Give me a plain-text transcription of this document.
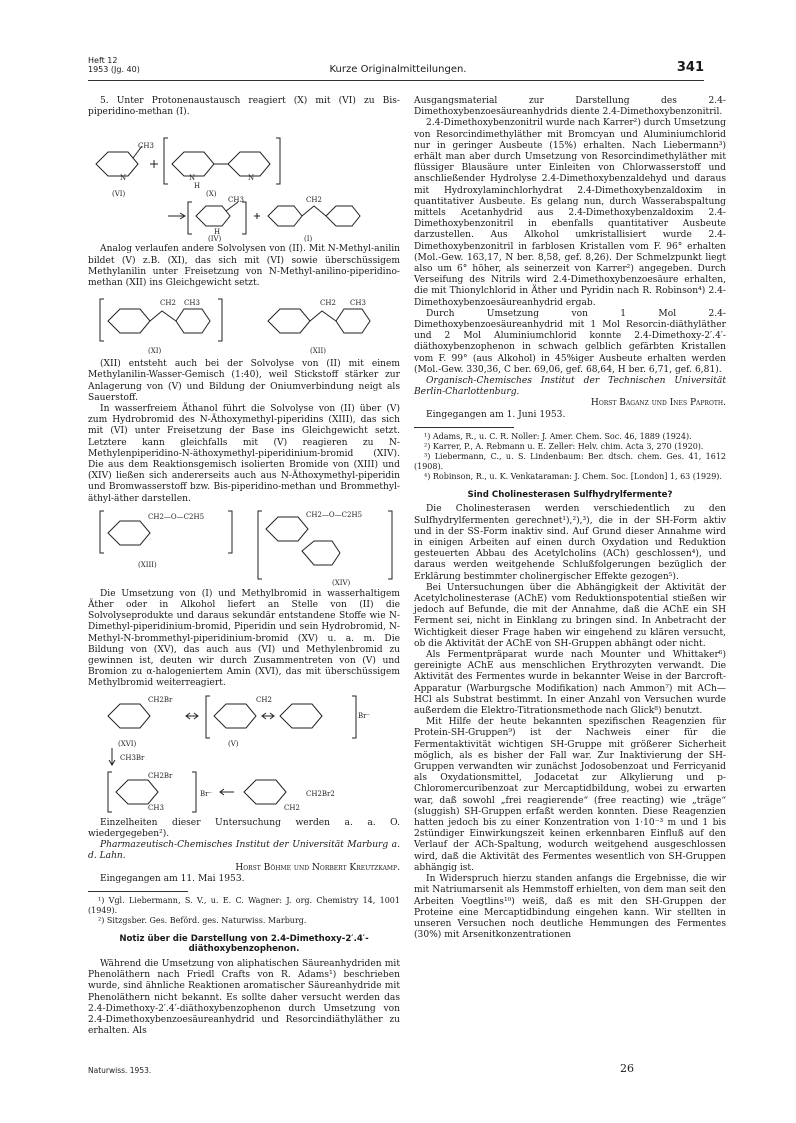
Heft 12
1953 (Jg. 40)	Kurze Originalmitteilungen.	341

5. Unter Protonenaustausch reagiert (X) mit (VI) zu Bis-piperidino-methan (I).

CH3
N	N
H
N
CH3
H
CH2
(VI)	(X)
(IV)	(I)

Analog verlaufen andere Solvolysen von (II). Mit N-Methyl-anilin bildet (V) z.B. (XI), das sich mit (VI) sowie überschüssigem Methylanilin unter Freisetzung von N-Methyl-anilino-piperidino-methan (XII) ins Gleichgewicht setzt.

CH2 CH3	CH2 CH3
(XI)	(XII)

(XII) entsteht auch bei der Solvolyse von (II) mit einem Methylanilin-Wasser-Gemisch (1:40), weil Stickstoff stärker zur Anlagerung von (V) und Bildung der Oniumverbindung neigt als Sauerstoff.

In wasserfreiem Äthanol führt die Solvolyse von (II) über (V) zum Hydrobromid des N-Äthoxymethyl-piperidins (XIII), das sich mit (VI) unter Freisetzung der Base ins Gleichgewicht setzt. Letztere kann gleichfalls mit (V) reagieren zu N-Methylenpiperidino-N-äthoxymethyl-piperidinium-bromid (XIV). Die aus dem Reaktionsgemisch isolierten Bromide von (XIII) und (XIV) ließen sich andererseits auch aus N-Äthoxymethyl-piperidin und Bromwasserstoff bzw. Bis-piperidino-methan und Brommethyl-äthyl-äther darstellen.

CH2—O—C2H5	CH2—O—C2H5
(XIII)
(XIV)

Die Umsetzung von (I) und Methylbromid in wasserhaltigem Äther oder in Alkohol liefert an Stelle von (II) die Solvolyseprodukte und daraus sekundär entstandene Stoffe wie N-Dimethyl-piperidinium-bromid, Piperidin und sein Hydrobromid, N-Methyl-N-brommethyl-piperidinium-bromid (XV) u. a. m. Die Bildung von (XV), das auch aus (VI) und Methylenbromid zu gewinnen ist, deuten wir durch Zusammentreten von (V) und Bromion zu α-halogeniertem Amin (XVI), das mit überschüssigem Methylbromid weiterreagiert.

CH2Br	CH2
Br⁻
(XVI)	(V)
CH3Br
CH2Br
CH3
Br⁻
CH2
CH2Br2

Einzelheiten dieser Untersuchung werden a. a. O. wiedergegeben²).

Pharmazeutisch-Chemisches Institut der Universität Marburg a. d. Lahn.

Horst Böhme und Norbert Kreutzkamp.

Eingegangen am 11. Mai 1953.

¹) Vgl. Liebermann, S. V., u. E. C. Wagner: J. org. Chemistry 14, 1001 (1949).

²) Sitzgsber. Ges. Beförd. ges. Naturwiss. Marburg.

Notiz über die Darstellung von 2.4-Dimethoxy-2′.4′-diäthoxybenzophenon.

Während die Umsetzung von aliphatischen Säureanhydriden mit Phenoläthern nach Friedl Crafts von R. Adams¹) beschrieben wurde, sind ähnliche Reaktionen aromatischer Säureanhydride mit Phenoläthern nicht bekannt. Es sollte daher versucht werden das 2.4-Dimethoxy-2′.4′-diäthoxybenzophenon durch Umsetzung von 2.4-Dimethoxybenzoesäureanhydrid und Resorcindiäthyläther zu erhalten. Als

Ausgangsmaterial zur Darstellung des 2.4-Dimethoxybenzoesäureanhydrids diente 2.4-Dimethoxybenzonitril.

2.4-Dimethoxybenzonitril wurde nach Karrer²) durch Umsetzung von Resorcindimethyläther mit Bromcyan und Aluminiumchlorid nur in geringer Ausbeute (15%) erhalten. Nach Liebermann³) erhält man aber durch Umsetzung von Resorcindimethyläther mit flüssiger Blausäure unter Einleiten von Chlorwasserstoff und anschließender Hydrolyse 2.4-Dimethoxybenzaldehyd und daraus mit Hydroxylaminchlorhydrat 2.4-Dimethoxybenzaldoxim in quantitativer Ausbeute. Es gelang nun, durch Wasserabspaltung mittels Acetanhydrid aus 2.4-Dimethoxybenzaldoxim 2.4-Dimethoxybenzonitril in ebenfalls quantitativer Ausbeute darzustellen. Aus Alkohol umkristallisiert wurde 2.4-Dimethoxybenzonitril in farblosen Kristallen vom F. 96° erhalten (Mol.-Gew. 163,17, N ber. 8,58, gef. 8,26). Der Schmelzpunkt liegt also um 6° höher, als seinerzeit von Karrer²) angegeben. Durch Verseifung des Nitrils wird 2.4-Dimethoxybenzoesäure erhalten, die mit Thionylchlorid in Äther und Pyridin nach R. Robinson⁴) 2.4-Dimethoxybenzoesäureanhydrid ergab.

Durch Umsetzung von 1 Mol 2.4-Dimethoxybenzoesäureanhydrid mit 1 Mol Resorcin-diäthyläther und 2 Mol Aluminiumchlorid konnte 2.4-Dimethoxy-2′.4′-diäthoxybenzophenon in schwach gelblich gefärbten Kristallen vom F. 99° (aus Alkohol) in 45%iger Ausbeute erhalten werden (Mol.-Gew. 330,36, C ber. 69,06, gef. 68,64, H ber. 6,71, gef. 6,81).

Organisch-Chemisches Institut der Technischen Universität Berlin-Charlottenburg.

Horst Baganz und Ines Paproth.

Eingegangen am 1. Juni 1953.

¹) Adams, R., u. C. R. Noller: J. Amer. Chem. Soc. 46, 1889 (1924).

²) Karrer, P., A. Rebmann u. E. Zeller: Helv. chim. Acta 3, 270 (1920).

³) Liebermann, C., u. S. Lindenbaum: Ber. dtsch. chem. Ges. 41, 1612 (1908).

⁴) Robinson, R., u. K. Venkataraman: J. Chem. Soc. [London] 1, 63 (1929).

Sind Cholinesterasen Sulfhydrylfermente?

Die Cholinesterasen werden verschiedentlich zu den Sulfhydrylfermenten gerechnet¹),²),³), die in der SH-Form aktiv und in der SS-Form inaktiv sind. Auf Grund dieser Annahme wird in einigen Arbeiten auf einen durch Oxydation und Reduktion gesteuerten Abbau des Acetylcholins (ACh) geschlossen⁴), und daraus werden weitgehende Schlußfolgerungen bezüglich der Erklärung bestimmter cholinergischer Effekte gezogen⁵).

Bei Untersuchungen über die Abhängigkeit der Aktivität der Acetylcholinesterase (AChE) vom Reduktionspotential stießen wir jedoch auf Befunde, die mit der Annahme, daß die AChE ein SH Ferment sei, nicht in Einklang zu bringen sind. In Anbetracht der Wichtigkeit dieser Frage haben wir eingehend zu klären versucht, ob die Aktivität der AChE von SH-Gruppen abhängt oder nicht.

Als Fermentpräparat wurde nach Mounter und Whittaker⁶) gereinigte AChE aus menschlichen Erythrozyten verwandt. Die Aktivität des Fermentes wurde in bekannter Weise in der Barcroft-Apparatur (Warburgsche Modifikation) nach Ammon⁷) mit ACh—HCl als Substrat bestimmt. In einer Anzahl von Versuchen wurde außerdem die Elektro-Titrationsmethode nach Glick⁸) benutzt.

Mit Hilfe der heute bekannten spezifischen Reagenzien für Protein-SH-Gruppen⁹) ist der Nachweis einer für die Fermentaktivität wichtigen SH-Gruppe mit größerer Sicherheit möglich, als es bisher der Fall war. Zur Inaktivierung der SH-Gruppen verwandten wir zunächst Jodosobenzoat und Ferricyanid als Oxydationsmittel, Jodacetat zur Alkylierung und p-Chloromercuribenzoat zur Mercaptidbildung, wobei zu erwarten war, daß sowohl „frei reagierende“ (free reacting) wie „träge“ (sluggish) SH-Gruppen erfaßt werden konnten. Diese Reagenzien hatten jedoch bis zu einer Konzentration von 1·10⁻³ m und 1 bis 2stündiger Einwirkungszeit keinen erkennbaren Einfluß auf den Verlauf der ACh-Spaltung, wodurch weitgehend ausgeschlossen wird, daß die Aktivität des Fermentes wesentlich von SH-Gruppen abhängig ist.

In Widerspruch hierzu standen anfangs die Ergebnisse, die wir mit Natriumarsenit als Hemmstoff erhielten, von dem man seit den Arbeiten Voegtlins¹⁰) weiß, daß es mit den SH-Gruppen der Proteine eine Mercaptidbindung eingehen kann. Wir stellten in unseren Versuchen noch deutliche Hemmungen des Fermentes (30%) mit Arsenitkonzentrationen

Naturwiss. 1953.	26
